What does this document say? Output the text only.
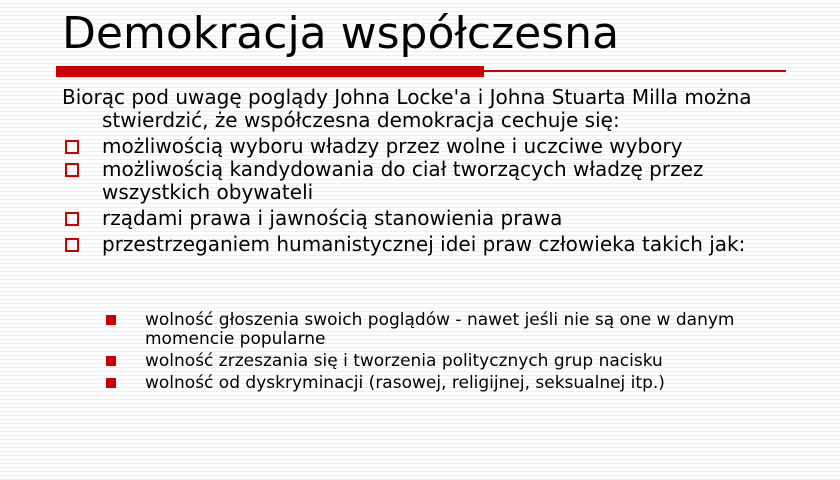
Demokracja współczesna

Biorąc pod uwagę poglądy Johna Locke'a i Johna Stuarta Milla można stwierdzić, że współczesna demokracja cechuje się:

możliwością wyboru władzy przez wolne i uczciwe wybory
możliwością kandydowania do ciał tworzących władzę przez wszystkich obywateli
rządami prawa i jawnością stanowienia prawa
przestrzeganiem humanistycznej idei praw człowieka takich jak:
wolność głoszenia swoich poglądów - nawet jeśli nie są one w danym momencie popularne
wolność zrzeszania się i tworzenia politycznych grup nacisku
wolność od dyskryminacji (rasowej, religijnej, seksualnej itp.)
